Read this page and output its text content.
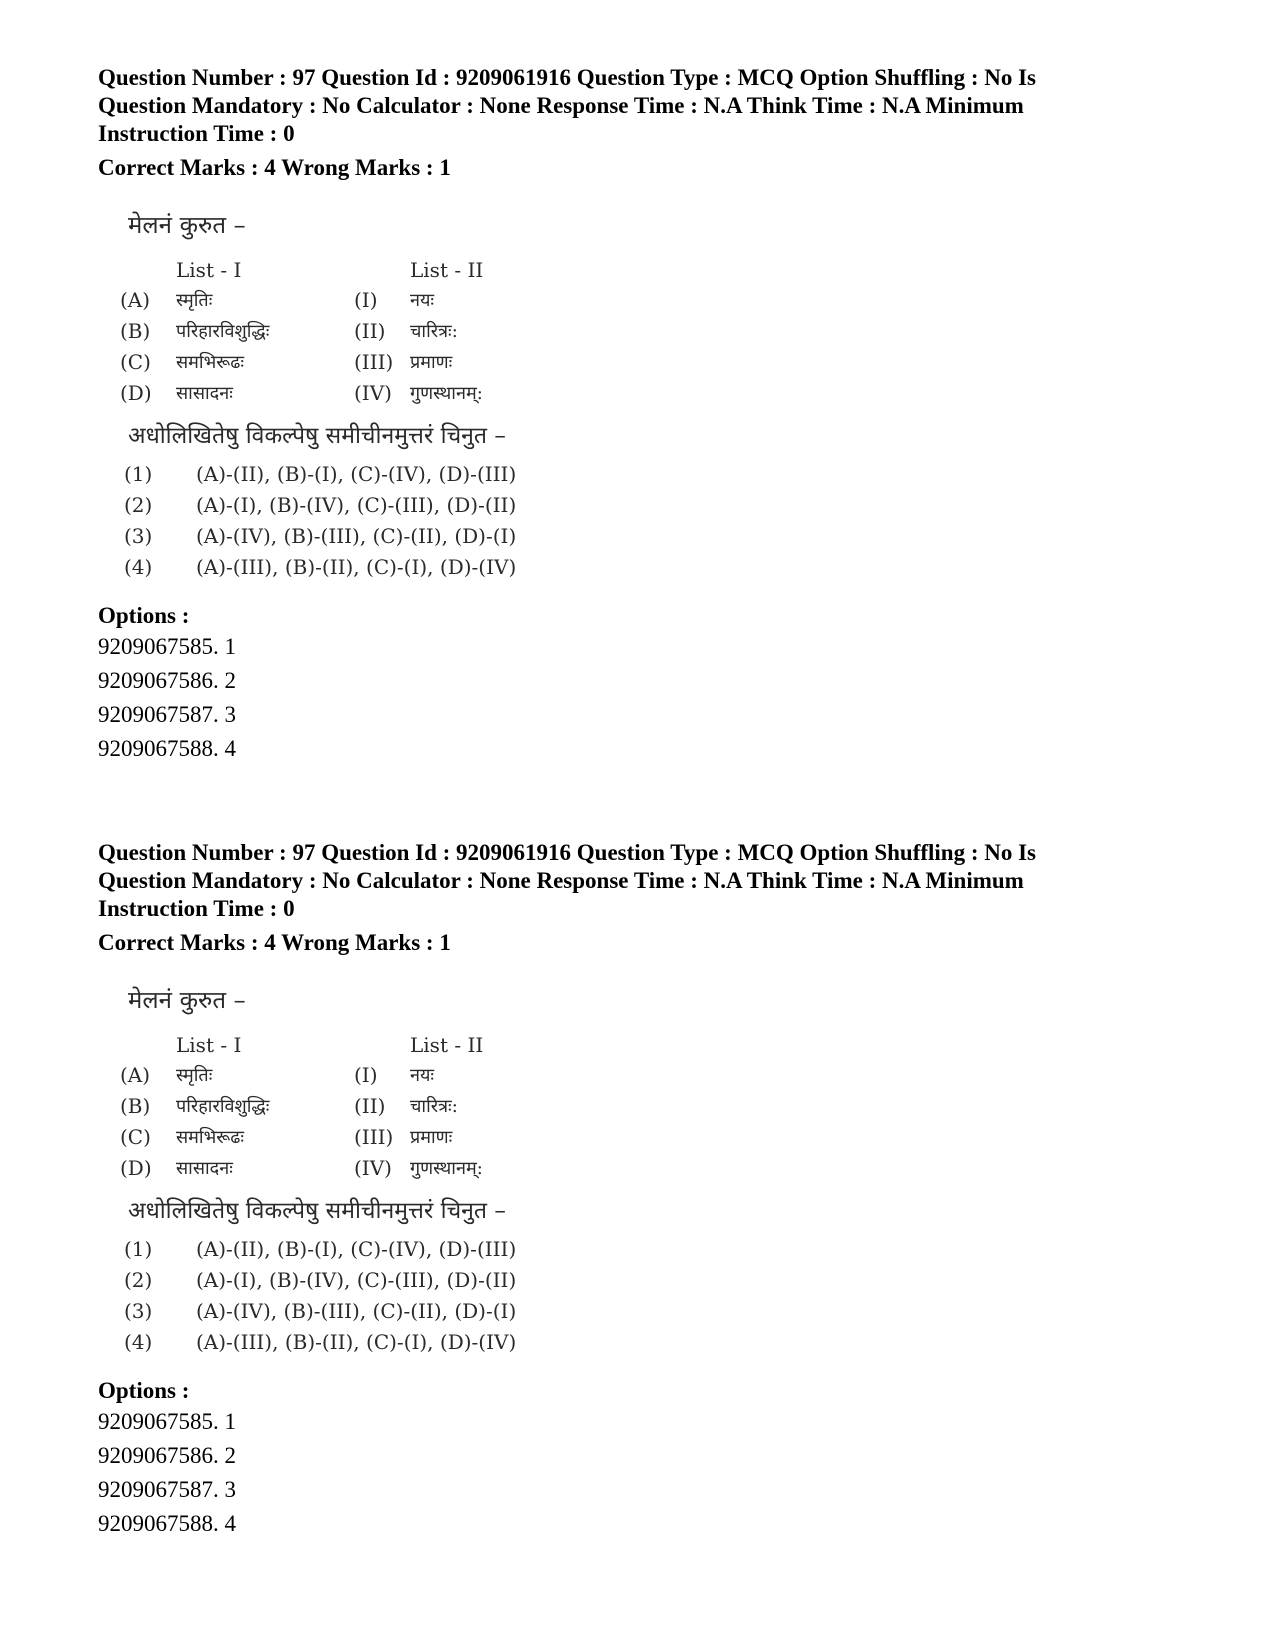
Question Number : 97 Question Id : 9209061916 Question Type : MCQ Option Shuffling : No Is
Question Mandatory : No Calculator : None Response Time : N.A Think Time : N.A Minimum
Instruction Time : 0

Correct Marks : 4 Wrong Marks : 1
मेलनं कुरुत –
List - I	List - II
(A) स्मृतिः	(I) नयः
(B) परिहारविशुद्धिः	(II) चारित्रः:
(C) समभिरूढः	(III) प्रमाणः
(D) सासादनः	(IV) गुणस्थानम्:
अधोलिखितेषु विकल्पेषु समीचीनमुत्तरं चिनुत –
(1) (A)-(II), (B)-(I), (C)-(IV), (D)-(III)
(2) (A)-(I), (B)-(IV), (C)-(III), (D)-(II)
(3) (A)-(IV), (B)-(III), (C)-(II), (D)-(I)
(4) (A)-(III), (B)-(II), (C)-(I), (D)-(IV)
Options :
9209067585. 1
9209067586. 2
9209067587. 3
9209067588. 4

Question Number : 97 Question Id : 9209061916 Question Type : MCQ Option Shuffling : No Is
Question Mandatory : No Calculator : None Response Time : N.A Think Time : N.A Minimum
Instruction Time : 0

Correct Marks : 4 Wrong Marks : 1
मेलनं कुरुत –
List - I	List - II
(A) स्मृतिः	(I) नयः
(B) परिहारविशुद्धिः	(II) चारित्रः:
(C) समभिरूढः	(III) प्रमाणः
(D) सासादनः	(IV) गुणस्थानम्:
अधोलिखितेषु विकल्पेषु समीचीनमुत्तरं चिनुत –
(1) (A)-(II), (B)-(I), (C)-(IV), (D)-(III)
(2) (A)-(I), (B)-(IV), (C)-(III), (D)-(II)
(3) (A)-(IV), (B)-(III), (C)-(II), (D)-(I)
(4) (A)-(III), (B)-(II), (C)-(I), (D)-(IV)
Options :
9209067585. 1
9209067586. 2
9209067587. 3
9209067588. 4
